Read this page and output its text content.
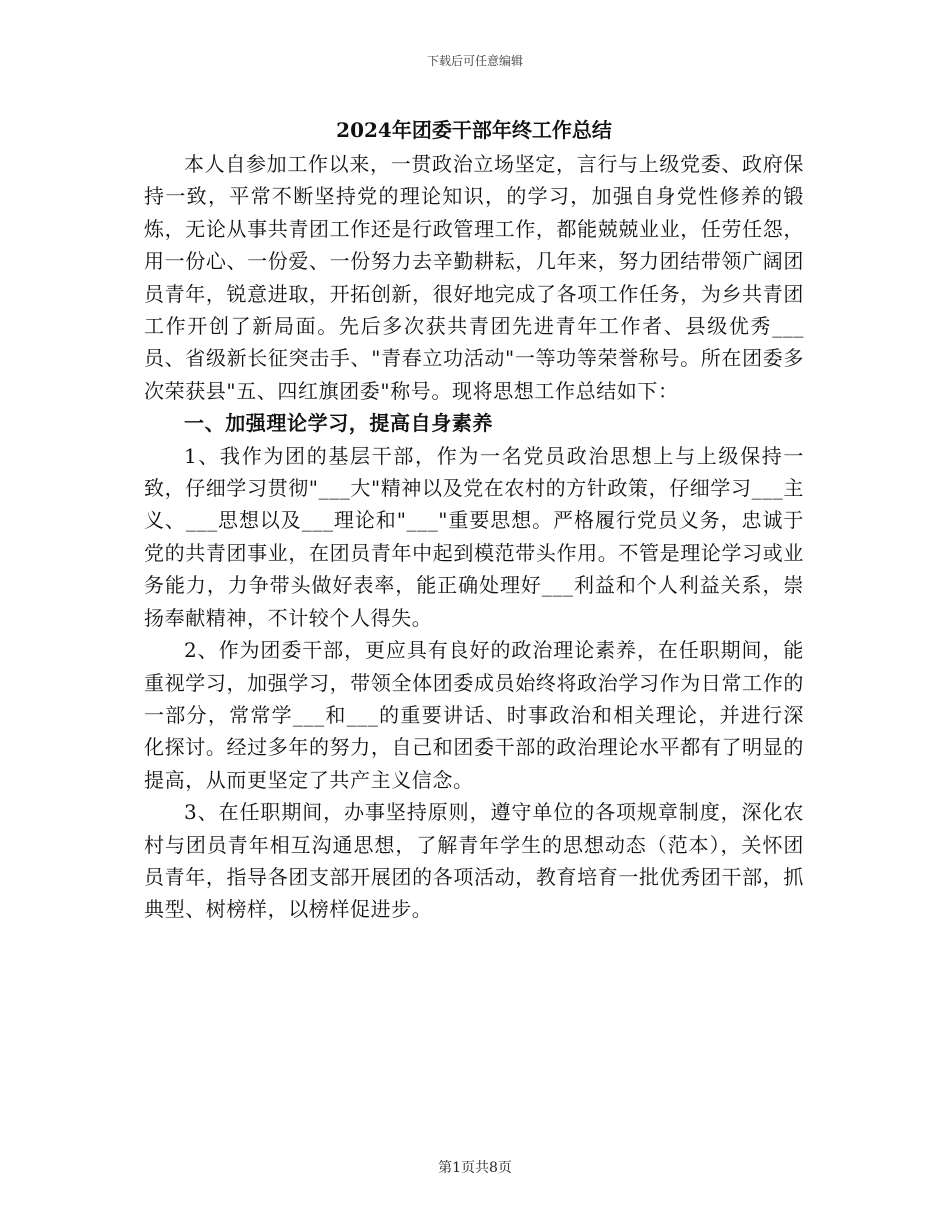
下载后可任意编辑
2024年团委干部年终工作总结

本人自参加工作以来，一贯政治立场坚定，言行与上级党委、政府保持一致，平常不断坚持党的理论知识，的学习，加强自身党性修养的锻炼，无论从事共青团工作还是行政管理工作，都能兢兢业业，任劳任怨，用一份心、一份爱、一份努力去辛勤耕耘，几年来，努力团结带领广阔团员青年，锐意进取，开拓创新，很好地完成了各项工作任务，为乡共青团工作开创了新局面。先后多次获共青团先进青年工作者、县级优秀___员、省级新长征突击手、"青春立功活动"一等功等荣誉称号。所在团委多次荣获县"五、四红旗团委"称号。现将思想工作总结如下：

一、加强理论学习，提高自身素养

1、我作为团的基层干部，作为一名党员政治思想上与上级保持一致，仔细学习贯彻"___大"精神以及党在农村的方针政策，仔细学习___主义、___思想以及___理论和"___"重要思想。严格履行党员义务，忠诚于党的共青团事业，在团员青年中起到模范带头作用。不管是理论学习或业务能力，力争带头做好表率，能正确处理好___利益和个人利益关系，崇扬奉献精神，不计较个人得失。

2、作为团委干部，更应具有良好的政治理论素养，在任职期间，能重视学习，加强学习，带领全体团委成员始终将政治学习作为日常工作的一部分，常常学___和___的重要讲话、时事政治和相关理论，并进行深化探讨。经过多年的努力，自己和团委干部的政治理论水平都有了明显的提高，从而更坚定了共产主义信念。

3、在任职期间，办事坚持原则，遵守单位的各项规章制度，深化农村与团员青年相互沟通思想，了解青年学生的思想动态（范本），关怀团员青年，指导各团支部开展团的各项活动，教育培育一批优秀团干部，抓典型、树榜样，以榜样促进步。

第1页共8页
